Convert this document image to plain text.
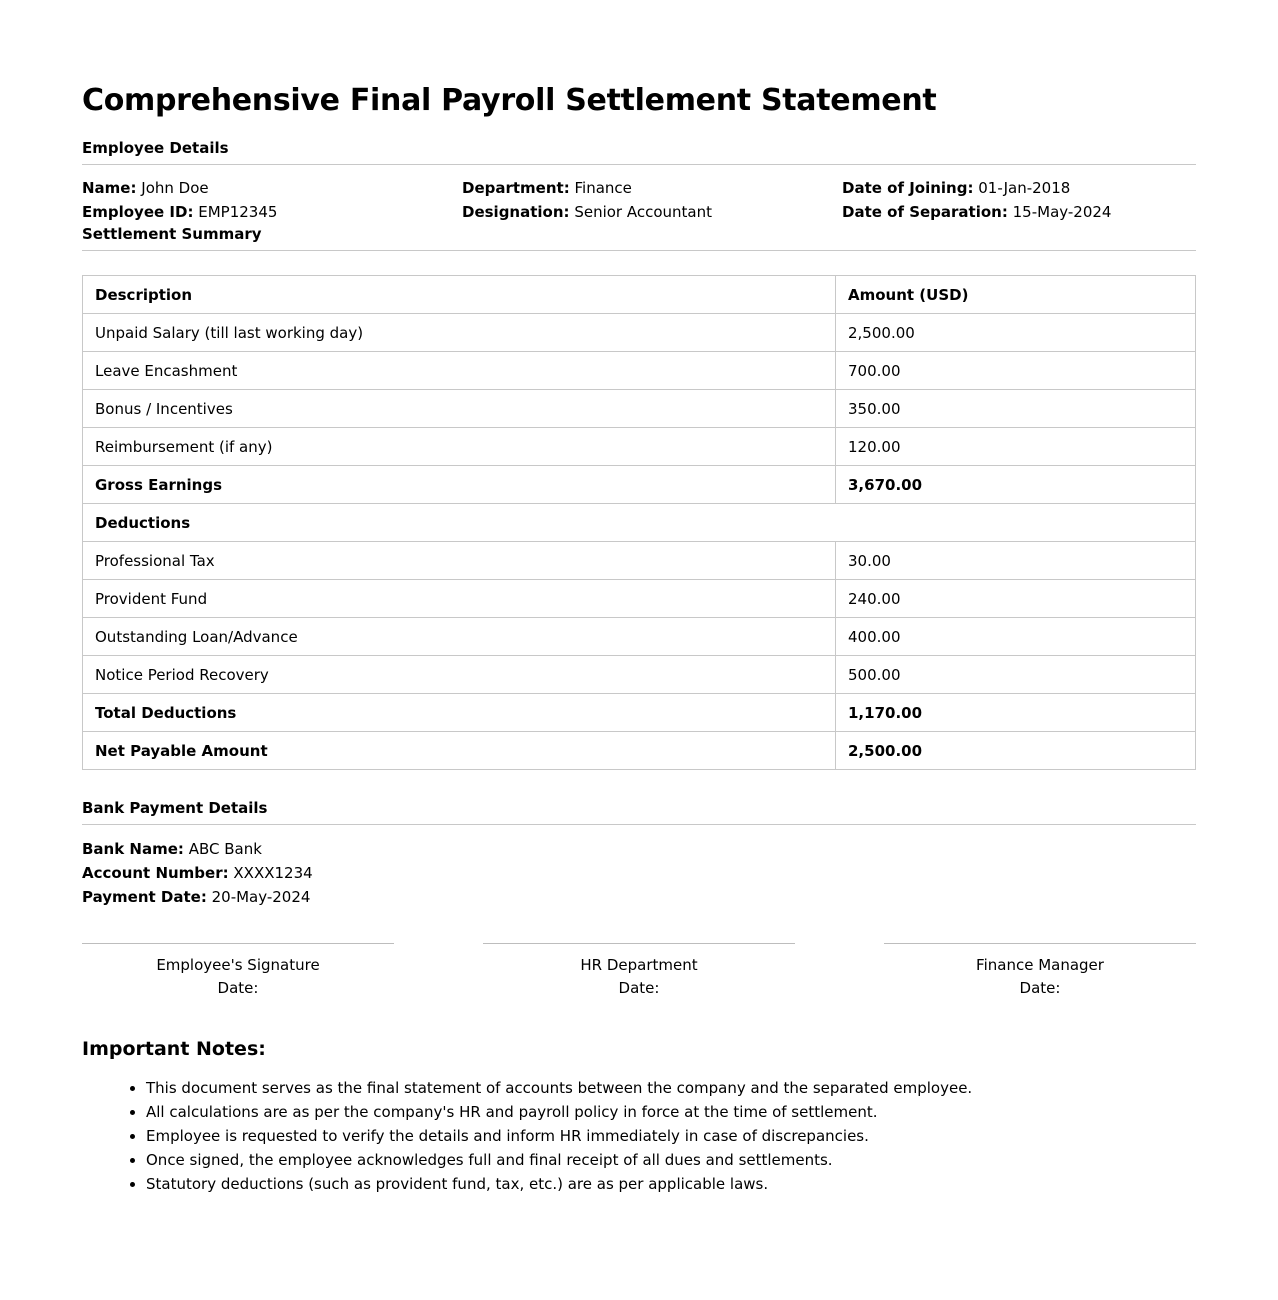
Comprehensive Final Payroll Settlement Statement
Employee Details
Name: John Doe
Employee ID: EMP12345
Department: Finance
Designation: Senior Accountant
Date of Joining: 01-Jan-2018
Date of Separation: 15-May-2024
Settlement Summary
Description	Amount (USD)
Unpaid Salary (till last working day)	2,500.00
Leave Encashment	700.00
Bonus / Incentives	350.00
Reimbursement (if any)	120.00
Gross Earnings	3,670.00
Deductions	
Professional Tax	30.00
Provident Fund	240.00
Outstanding Loan/Advance	400.00
Notice Period Recovery	500.00
Total Deductions	1,170.00
Net Payable Amount	2,500.00
Bank Payment Details
Bank Name: ABC Bank
Account Number: XXXX1234
Payment Date: 20-May-2024
Employee's Signature
Date:
HR Department
Date:
Finance Manager
Date:
Important Notes:
• This document serves as the final statement of accounts between the company and the separated employee.
• All calculations are as per the company's HR and payroll policy in force at the time of settlement.
• Employee is requested to verify the details and inform HR immediately in case of discrepancies.
• Once signed, the employee acknowledges full and final receipt of all dues and settlements.
• Statutory deductions (such as provident fund, tax, etc.) are as per applicable laws.
